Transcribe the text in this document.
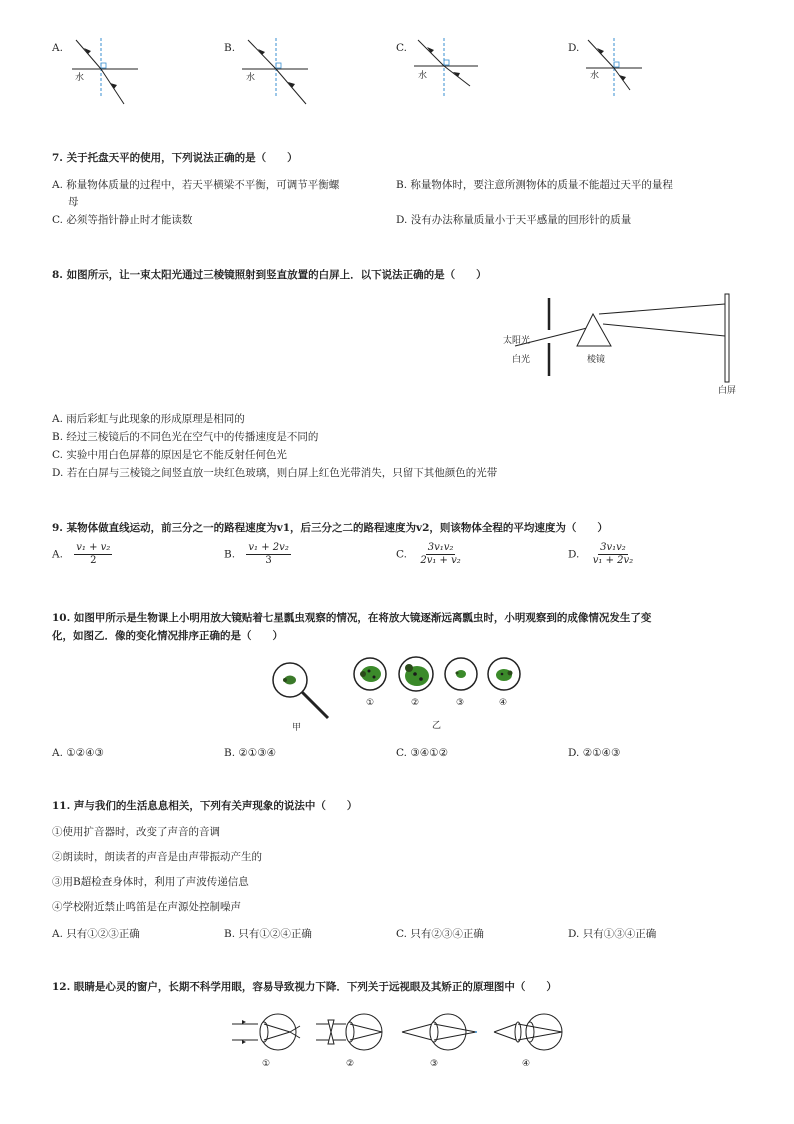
A.
水
B.
水
C.
水
D.
水
7. 关于托盘天平的使用，下列说法正确的是（　　）
A. 称量物体质量的过程中，若天平横梁不平衡，可调节平衡螺
母
B. 称量物体时，要注意所测物体的质量不能超过天平的量程
C. 必须等指针静止时才能读数	D. 没有办法称量质量小于天平感量的回形针的质量
8. 如图所示，让一束太阳光通过三棱镜照射到竖直放置的白屏上．以下说法正确的是（　　）
太阳光
白光	棱镜
白屏
A. 雨后彩虹与此现象的形成原理是相同的
B. 经过三棱镜后的不同色光在空气中的传播速度是不同的
C. 实验中用白色屏幕的原因是它不能反射任何色光
D. 若在白屏与三棱镜之间竖直放一块红色玻璃，则白屏上红色光带消失，只留下其他颜色的光带
9. 某物体做直线运动，前三分之一的路程速度为v1，后三分之二的路程速度为v2，则该物体全程的平均速度为（　　）
A. $\frac{\text{v₁ + v₂}}{2}$	B. $\frac{\text{v₁ + 2v₂}}{3}$	C. $\frac{\text{3v₁v₂}}{\text{2v₁ + v₂}}$	D. $\frac{\text{3v₁v₂}}{\text{v₁ + 2v₂}}$
10. 如图甲所示是生物课上小明用放大镜贴着七星瓢虫观察的情况，在将放大镜逐渐远离瓢虫时，小明观察到的成像情况发生了变
化，如图乙．像的变化情况排序正确的是（　　）
甲
①	②	③	④
乙
A. ①②④③	B. ②①③④	C. ③④①②	D. ②①④③
11. 声与我们的生活息息相关，下列有关声现象的说法中（　　）
①使用扩音器时，改变了声音的音调
②朗读时，朗读者的声音是由声带振动产生的
③用B超检查身体时，利用了声波传递信息
④学校附近禁止鸣笛是在声源处控制噪声
A. 只有①②③正确	B. 只有①②④正确	C. 只有②③④正确	D. 只有①③④正确
12. 眼睛是心灵的窗户，长期不科学用眼，容易导致视力下降．下列关于远视眼及其矫正的原理图中（　　）
①	②	③	④
